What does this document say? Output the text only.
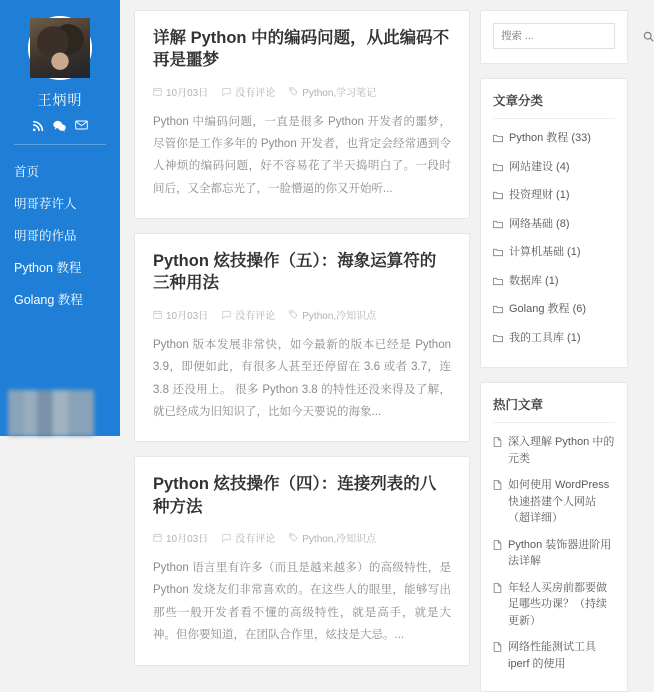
王炳明
首页
明哥荐许人
明哥的作品
Python 教程
Golang 教程
详解 Python 中的编码问题，从此编码不再是噩梦
10月03日	没有评论	Python,学习笔记

Python 中编码问题，一直是很多 Python 开发者的噩梦，尽管你是工作多年的 Python 开发者，也背定会经常遇到令人神烦的编码问题，好不容易花了半天捣明白了。一段时间后，又全都忘光了，一脸懵逼的你又开始听...

Python 炫技操作（五）：海象运算符的三种用法
10月03日	没有评论	Python,冷知识点

Python 版本发展非常快，如今最新的版本已经是 Python 3.9，即便如此，有很多人甚至还停留在 3.6 或者 3.7，连 3.8 还没用上。 很多 Python 3.8 的特性还没来得及了解，就已经成为旧知识了，比如今天要说的海象...

Python 炫技操作（四）：连接列表的八种方法
10月03日	没有评论	Python,冷知识点

Python 语言里有许多（而且是越来越多）的高级特性，是 Python 发烧友们非常喜欢的。在这些人的眼里，能够写出那些一般开发者看不懂的高级特性，就是高手，就是大神。但你要知道，在团队合作里，炫技是大忌。...

搜索 ...
文章分类
Python 教程 (33)
网站建设 (4)
投资理财 (1)
网络基础 (8)
计算机基础 (1)
数据库 (1)
Golang 教程 (6)
我的工具库 (1)
热门文章
深入理解 Python 中的元类
如何使用 WordPress 快速搭建个人网站（超详细）
Python 装饰器进阶用法详解
年轻人买房前都要做足哪些功课？（持续更新）
网络性能测试工具 iperf 的使用
